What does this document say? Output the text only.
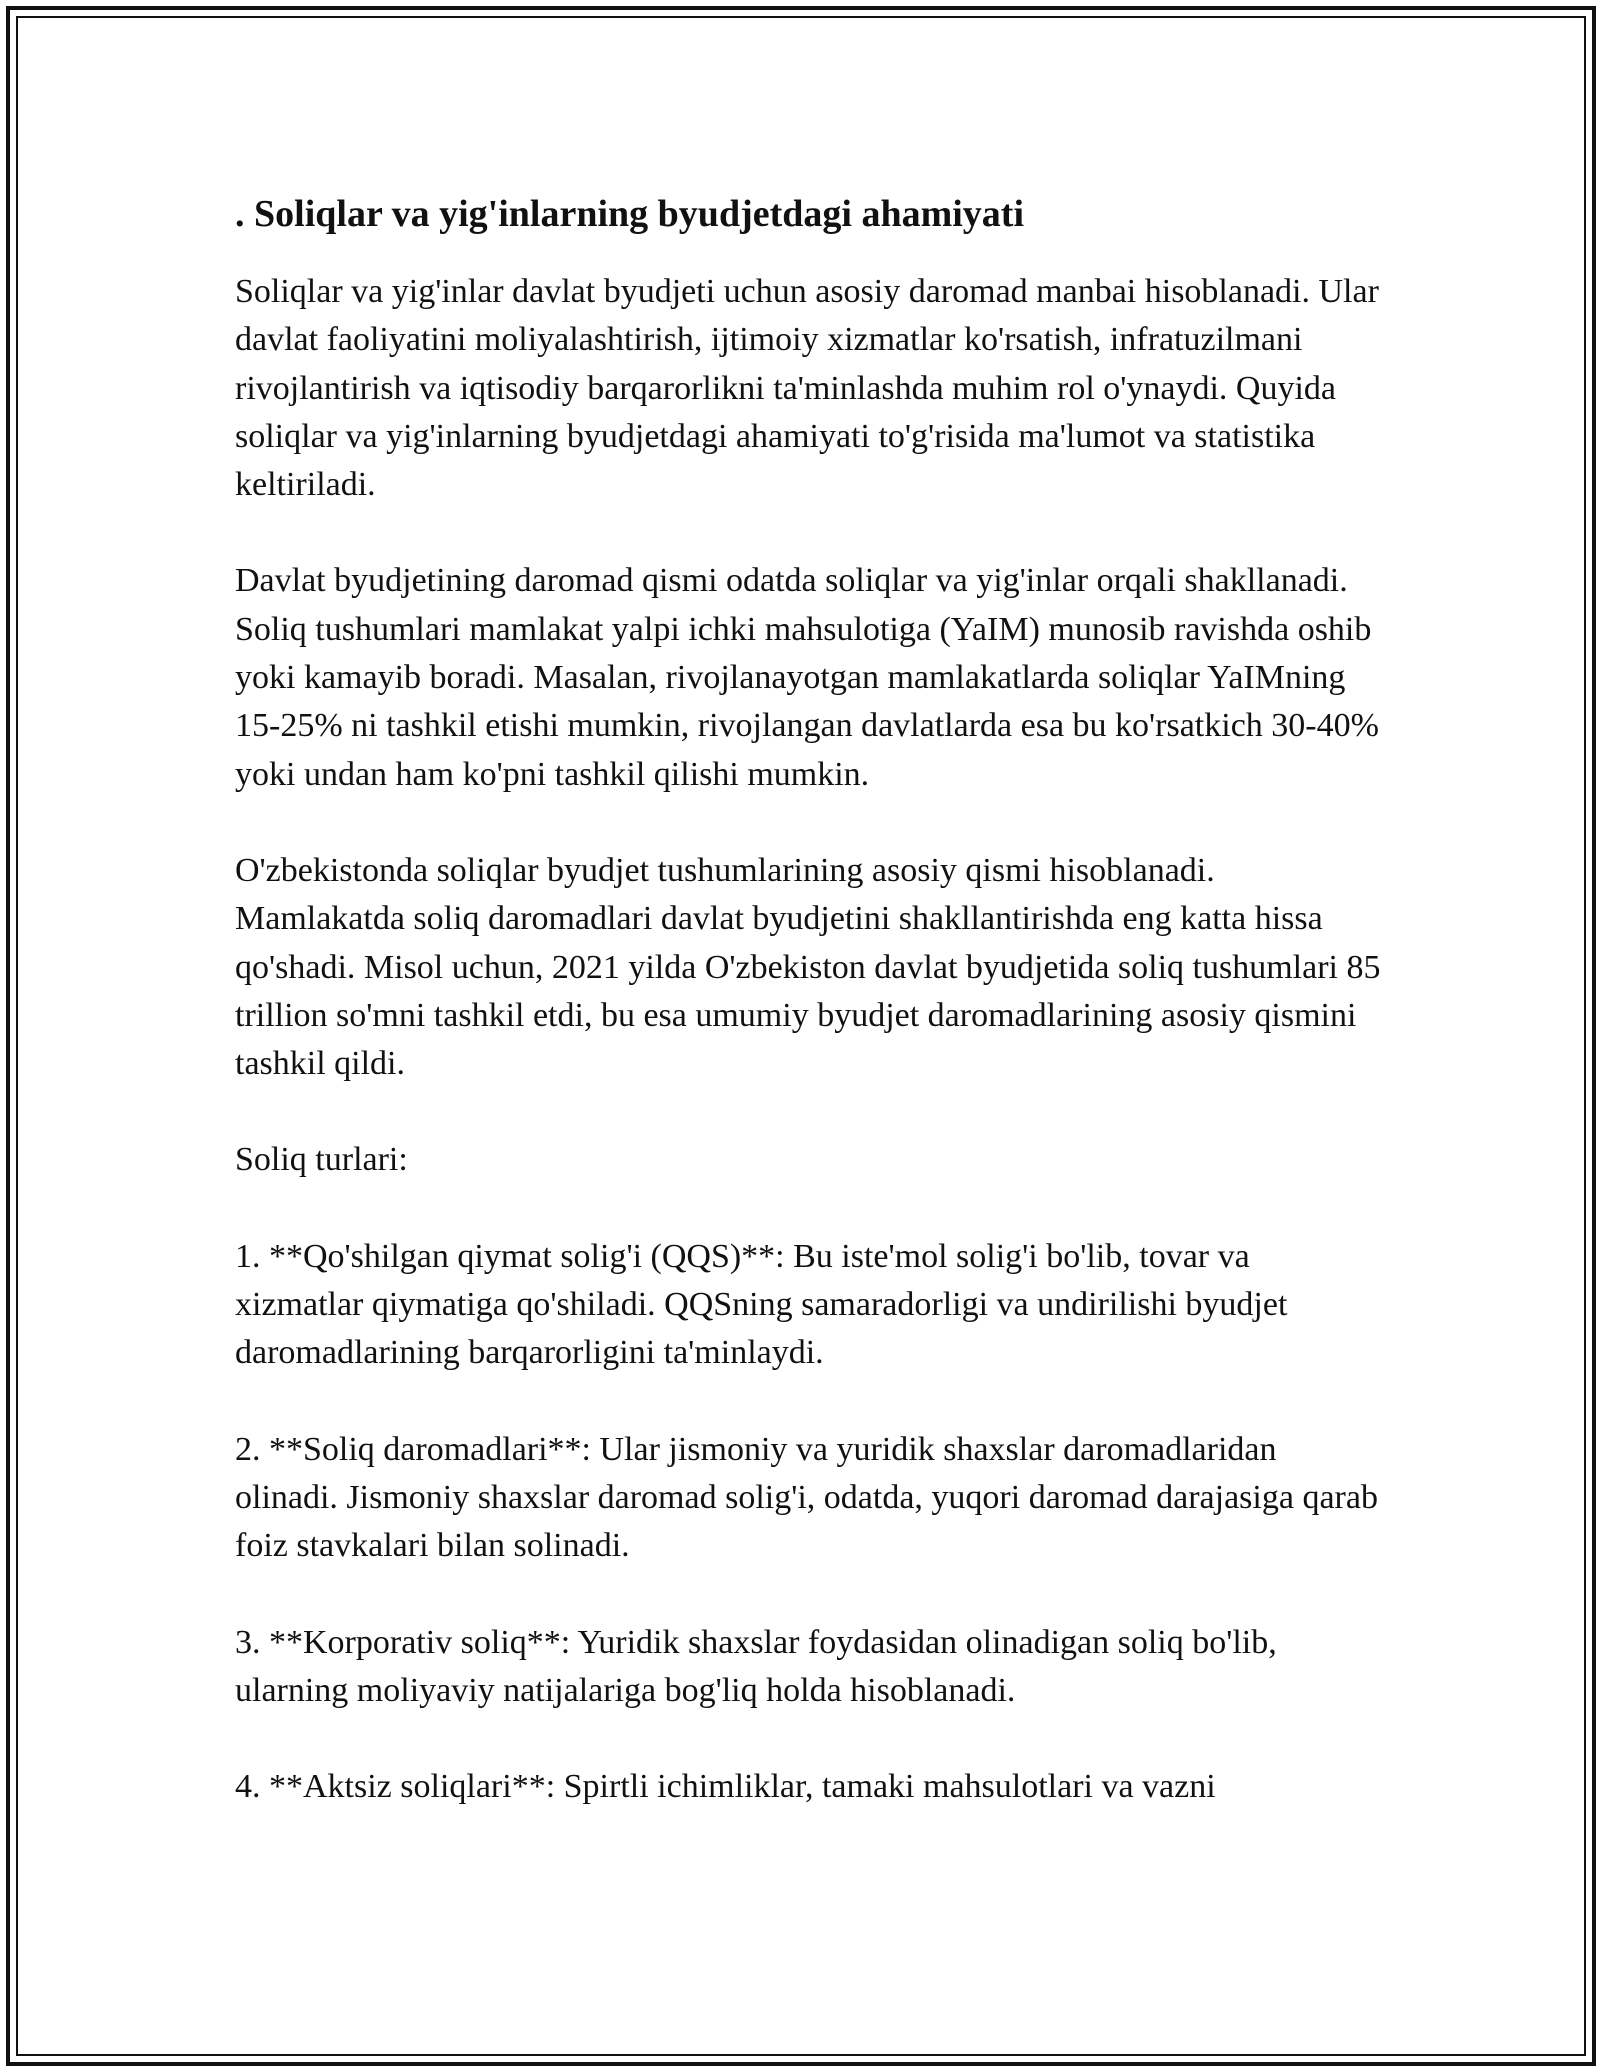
. Soliqlar va yig'inlarning byudjetdagi ahamiyati

Soliqlar va yig'inlar davlat byudjeti uchun asosiy daromad manbai hisoblanadi. Ular davlat faoliyatini moliyalashtirish, ijtimoiy xizmatlar ko'rsatish, infratuzilmani rivojlantirish va iqtisodiy barqarorlikni ta'minlashda muhim rol o'ynaydi. Quyida soliqlar va yig'inlarning byudjetdagi ahamiyati to'g'risida ma'lumot va statistika keltiriladi.

Davlat byudjetining daromad qismi odatda soliqlar va yig'inlar orqali shakllanadi. Soliq tushumlari mamlakat yalpi ichki mahsulotiga (YaIM) munosib ravishda oshib yoki kamayib boradi. Masalan, rivojlanayotgan mamlakatlarda soliqlar YaIMning 15-25% ni tashkil etishi mumkin, rivojlangan davlatlarda esa bu ko'rsatkich 30-40% yoki undan ham ko'pni tashkil qilishi mumkin.

O'zbekistonda soliqlar byudjet tushumlarining asosiy qismi hisoblanadi. Mamlakatda soliq daromadlari davlat byudjetini shakllantirishda eng katta hissa qo'shadi. Misol uchun, 2021 yilda O'zbekiston davlat byudjetida soliq tushumlari 85 trillion so'mni tashkil etdi, bu esa umumiy byudjet daromadlarining asosiy qismini tashkil qildi.

Soliq turlari:

1. **Qo'shilgan qiymat solig'i (QQS)**: Bu iste'mol solig'i bo'lib, tovar va xizmatlar qiymatiga qo'shiladi. QQSning samaradorligi va undirilishi byudjet daromadlarining barqarorligini ta'minlaydi.

2. **Soliq daromadlari**: Ular jismoniy va yuridik shaxslar daromadlaridan olinadi. Jismoniy shaxslar daromad solig'i, odatda, yuqori daromad darajasiga qarab foiz stavkalari bilan solinadi.

3. **Korporativ soliq**: Yuridik shaxslar foydasidan olinadigan soliq bo'lib, ularning moliyaviy natijalariga bog'liq holda hisoblanadi.

4. **Aktsiz soliqlari**: Spirtli ichimliklar, tamaki mahsulotlari va vazni
